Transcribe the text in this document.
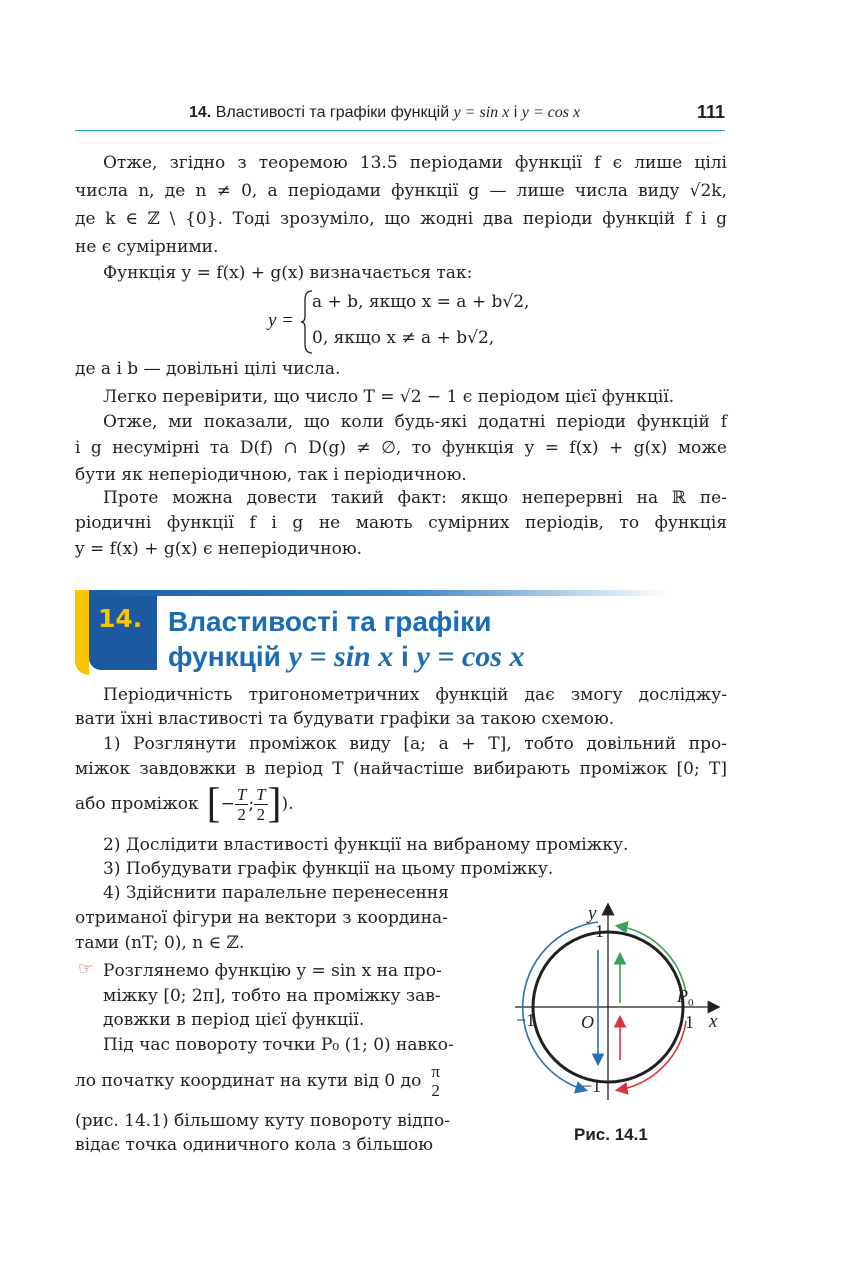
14. Властивості та графіки функцій y = sin x і y = cos x	111

Отже, згідно з теоремою 13.5 періодами функції f є лише цілі

числа n, де n ≠ 0, а періодами функції g — лише числа виду √2k,

де k ∈ ℤ \ {0}. Тоді зрозуміло, що жодні два періоди функцій f і g

не є сумірними.

Функція y = f(x) + g(x) визначається так:

y =
a + b, якщо x = a + b√2,
0, якщо x ≠ a + b√2,

де a і b — довільні цілі числа.

Легко перевірити, що число T = √2 − 1 є періодом цієї функції.

Отже, ми показали, що коли будь-які додатні періоди функцій f

і g несумірні та D(f) ∩ D(g) ≠ ∅, то функція y = f(x) + g(x) може

бути як неперіодичною, так і періодичною.

Проте можна довести такий факт: якщо неперервні на ℝ пе-

ріодичні функції f і g не мають сумірних періодів, то функція

y = f(x) + g(x) є неперіодичною.

14. Властивості та графіки
функцій y = sin x і y = cos x

Періодичність тригонометричних функцій дає змогу досліджу-

вати їхні властивості та будувати графіки за такою схемою.

1) Розглянути проміжок виду [a; a + T], тобто довільний про-

міжок завдовжки в період T (найчастіше вибирають проміжок [0; T]

або проміжок [ − $\frac{T}{2}$ ; $\frac{T}{2}$ ] ).

2) Дослідити властивості функції на вибраному проміжку.

3) Побудувати графік функції на цьому проміжку.

4) Здійснити паралельне перенесення

отриманої фігури на вектори з координа-

тами (nT; 0), n ∈ ℤ.

☞ Розглянемо функцію y = sin x на про-

міжку [0; 2π], тобто на проміжку зав-

довжки в період цієї функції.

Під час повороту точки P₀ (1; 0) навко-

ло початку координат на кути від 0 до π
2

(рис. 14.1) більшому куту повороту відпо-

відає точка одиничного кола з більшою

y
x
O
1
−1
−1	1
P 0
Рис. 14.1
